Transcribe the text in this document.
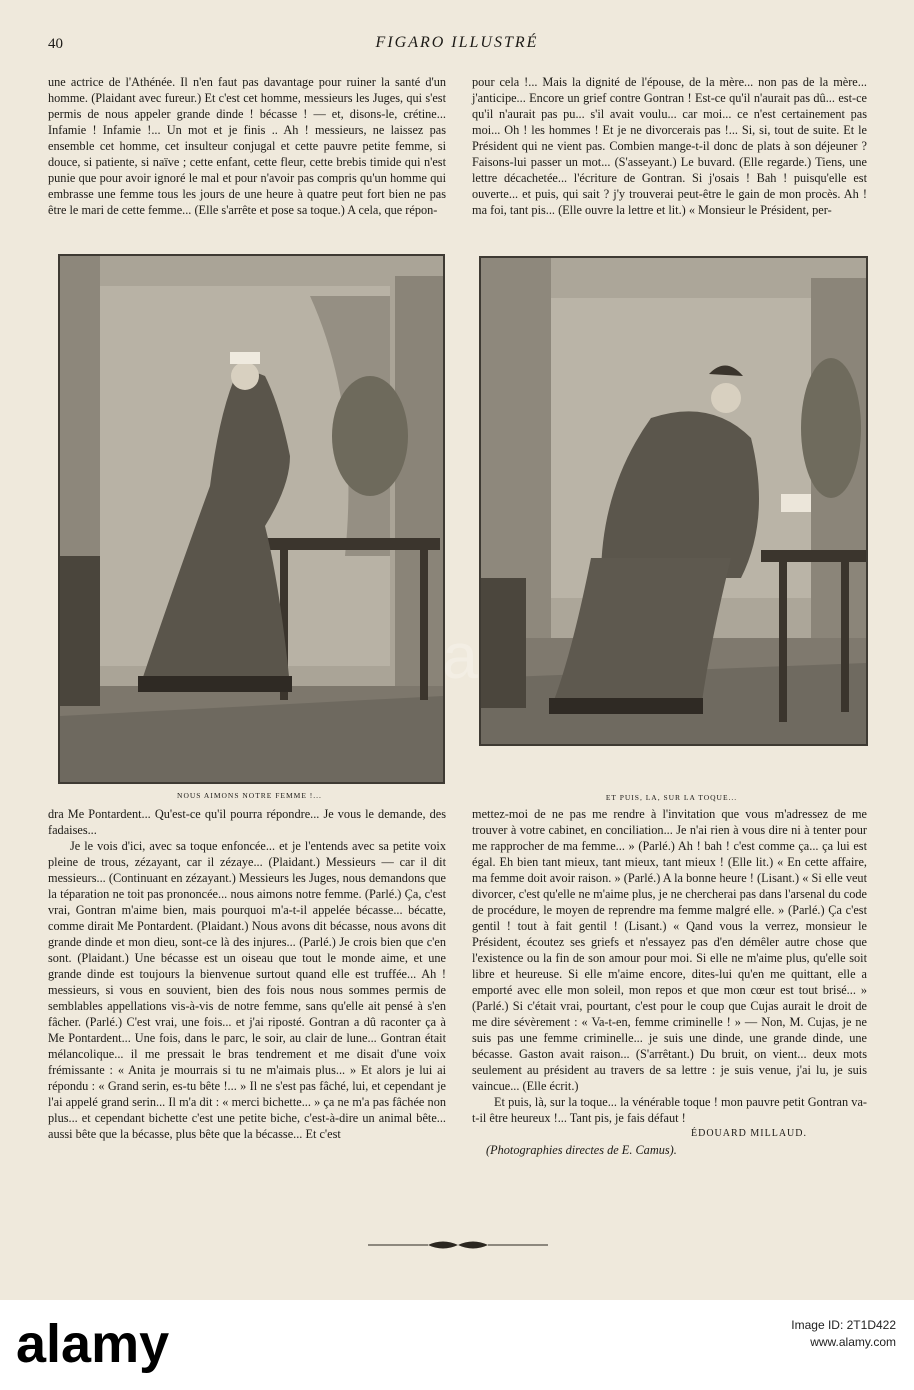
40	FIGARO ILLUSTRÉ

une actrice de l'Athénée. Il n'en faut pas davantage pour ruiner la santé d'un homme. (Plaidant avec fureur.) Et c'est cet homme, messieurs les Juges, qui s'est permis de nous appeler grande dinde ! bécasse ! — et, disons-le, crétine... Infamie ! Infamie !... Un mot et je finis .. Ah ! messieurs, ne laissez pas ensemble cet homme, cet insulteur conjugal et cette pauvre petite femme, si douce, si patiente, si naïve ; cette enfant, cette fleur, cette brebis timide qui n'est punie que pour avoir ignoré le mal et pour n'avoir pas compris qu'un homme qui embrasse une femme tous les jours de une heure à quatre peut fort bien ne pas être le mari de cette femme... (Elle s'arrête et pose sa toque.) A cela, que répon-

pour cela !... Mais la dignité de l'épouse, de la mère... non pas de la mère... j'anticipe... Encore un grief contre Gontran ! Est-ce qu'il n'aurait pas dû... est-ce qu'il n'aurait pas pu... s'il avait voulu... car moi... ce n'est certainement pas moi... Oh ! les hommes ! Et je ne divorcerais pas !... Si, si, tout de suite. Et le Président qui ne vient pas. Combien mange-t-il donc de plats à son déjeuner ? Faisons-lui passer un mot... (S'asseyant.) Le buvard. (Elle regarde.) Tiens, une lettre décachetée... l'écriture de Gontran. Si j'osais ! Bah ! puisqu'elle est ouverte... et puis, qui sait ? j'y trouverai peut-être le gain de mon procès. Ah ! ma foi, tant pis... (Elle ouvre la lettre et lit.) « Monsieur le Président, per-

NOUS AIMONS NOTRE FEMME !...	ET PUIS, LA, SUR LA TOQUE...

dra Me Pontardent... Qu'est-ce qu'il pourra répondre... Je vous le demande, des fadaises...

Je le vois d'ici, avec sa toque enfoncée... et je l'entends avec sa petite voix pleine de trous, zézayant, car il zézaye... (Plaidant.) Messieurs — car il dit messieurs... (Continuant en zézayant.) Messieurs les Juges, nous demandons que la téparation ne toit pas prononcée... nous aimons notre femme. (Parlé.) Ça, c'est vrai, Gontran m'aime bien, mais pourquoi m'a-t-il appelée bécasse... bécatte, comme dirait Me Pontardent. (Plaidant.) Nous avons dit bécasse, nous avons dit grande dinde et mon dieu, sont-ce là des injures... (Parlé.) Je crois bien que c'en sont. (Plaidant.) Une bécasse est un oiseau que tout le monde aime, et une grande dinde est toujours la bienvenue surtout quand elle est truffée... Ah ! messieurs, si vous en souvient, bien des fois nous nous sommes permis de semblables appellations vis-à-vis de notre femme, sans qu'elle ait pensé à s'en fâcher. (Parlé.) C'est vrai, une fois... et j'ai riposté. Gontran a dû raconter ça à Me Pontardent... Une fois, dans le parc, le soir, au clair de lune... Gontran était mélancolique... il me pressait le bras tendrement et me disait d'une voix frémissante : « Anita je mourrais si tu ne m'aimais plus... » Et alors je lui ai répondu : « Grand serin, es-tu bête !... » Il ne s'est pas fâché, lui, et cependant je l'ai appelé grand serin... Il m'a dit : « merci bichette... » ça ne m'a pas fâchée non plus... et cependant bichette c'est une petite biche, c'est-à-dire un animal bête... aussi bête que la bécasse, plus bête que la bécasse... Et c'est

mettez-moi de ne pas me rendre à l'invitation que vous m'adressez de me trouver à votre cabinet, en conciliation... Je n'ai rien à vous dire ni à tenter pour me rapprocher de ma femme... » (Parlé.) Ah ! bah ! c'est comme ça... ça lui est égal. Eh bien tant mieux, tant mieux, tant mieux ! (Elle lit.) « En cette affaire, ma femme doit avoir raison. » (Parlé.) A la bonne heure ! (Lisant.) « Si elle veut divorcer, c'est qu'elle ne m'aime plus, je ne chercherai pas dans l'arsenal du code de procédure, le moyen de reprendre ma femme malgré elle. » (Parlé.) Ça c'est gentil ! tout à fait gentil ! (Lisant.) « Qand vous la verrez, monsieur le Président, écoutez ses griefs et n'essayez pas d'en démêler autre chose que l'existence ou la fin de son amour pour moi. Si elle ne m'aime plus, qu'elle soit libre et heureuse. Si elle m'aime encore, dites-lui qu'en me quittant, elle a emporté avec elle mon soleil, mon repos et que mon cœur est tout brisé... » (Parlé.) Si c'était vrai, pourtant, c'est pour le coup que Cujas aurait le droit de me dire sévèrement : « Va-t-en, femme criminelle ! » — Non, M. Cujas, je ne suis pas une femme criminelle... je suis une dinde, une grande dinde, une bécasse. Gaston avait raison... (S'arrêtant.) Du bruit, on vient... deux mots seulement au président au travers de sa lettre : je suis venue, j'ai lu, je suis vaincue... (Elle écrit.)

Et puis, là, sur la toque... la vénérable toque ! mon pauvre petit Gontran va-t-il être heureux !... Tant pis, je fais défaut !

ÉDOUARD MILLAUD.

(Photographies directes de E. Camus).

a
alamy	Image ID: 2T1D422
www.alamy.com
